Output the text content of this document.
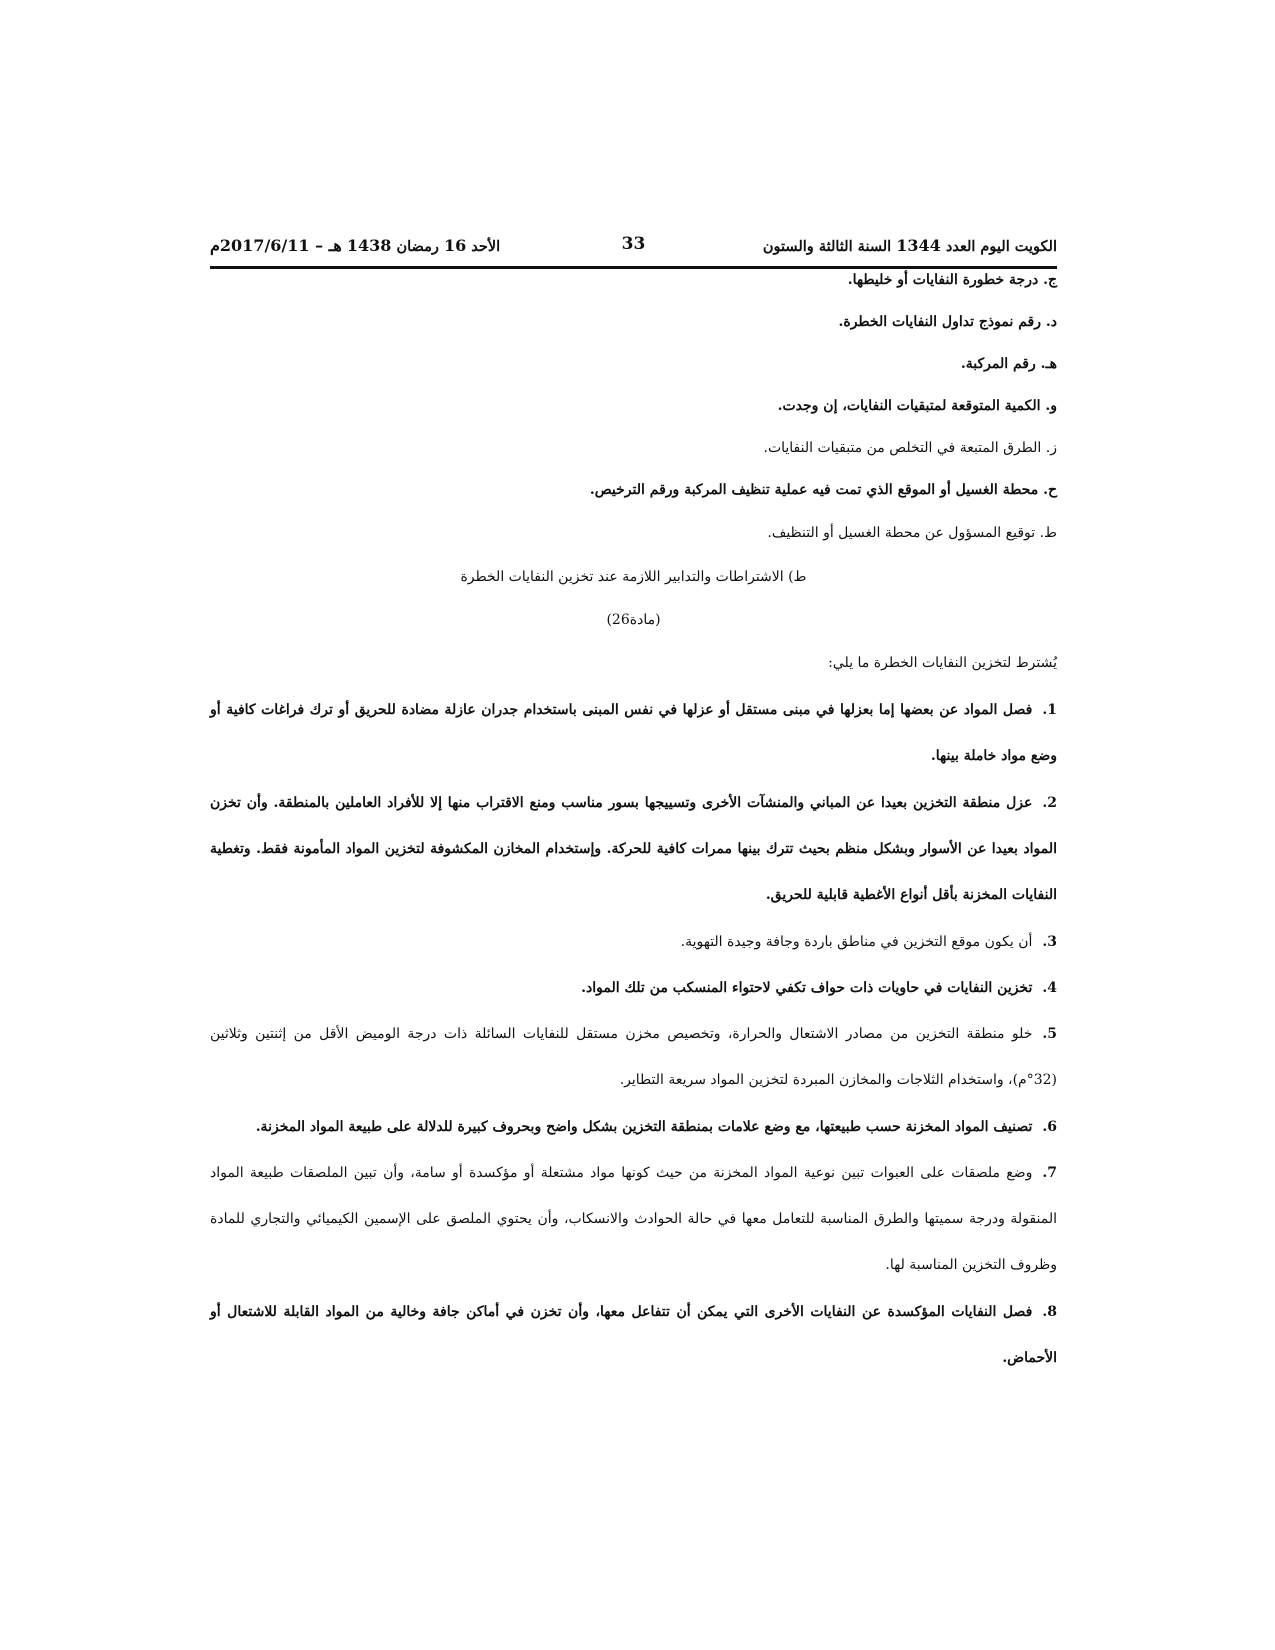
الكويت اليوم العدد 1344 السنة الثالثة والستون
33
الأحد 16 رمضان 1438 هـ – 2017/6/11م
ج. درجة خطورة النفايات أو خليطها.
د. رقم نموذج تداول النفايات الخطرة.
هـ. رقم المركبة.
و. الكمية المتوقعة لمتبقيات النفايات، إن وجدت.
ز. الطرق المتبعة في التخلص من متبقيات النفايات.
ح. محطة الغسيل أو الموقع الذي تمت فيه عملية تنظيف المركبة ورقم الترخيص.
ط. توقيع المسؤول عن محطة الغسيل أو التنظيف.
ط) الاشتراطات والتدابير اللازمة عند تخزين النفايات الخطرة
(مادة26)
يُشترط لتخزين النفايات الخطرة ما يلي:
1.فصل المواد عن بعضها إما بعزلها في مبنى مستقل أو عزلها في نفس المبنى باستخدام جدران عازلة مضادة للحريق أو ترك فراغات كافية أو وضع مواد خاملة بينها.
2.عزل منطقة التخزين بعيدا عن المباني والمنشآت الأخرى وتسييجها بسور مناسب ومنع الاقتراب منها إلا للأفراد العاملين بالمنطقة. وأن تخزن المواد بعيدا عن الأسوار وبشكل منظم بحيث تترك بينها ممرات كافية للحركة. وإستخدام المخازن المكشوفة لتخزين المواد المأمونة فقط. وتغطية النفايات المخزنة بأقل أنواع الأغطية قابلية للحريق.
3.أن يكون موقع التخزين في مناطق باردة وجافة وجيدة التهوية.
4.تخزين النفايات في حاويات ذات حواف تكفي لاحتواء المنسكب من تلك المواد.
5.خلو منطقة التخزين من مصادر الاشتعال والحرارة، وتخصيص مخزن مستقل للنفايات السائلة ذات درجة الوميض الأقل من إثنتين وثلاثين (32°م)، واستخدام الثلاجات والمخازن المبردة لتخزين المواد سريعة التطاير.
6.تصنيف المواد المخزنة حسب طبيعتها، مع وضع علامات بمنطقة التخزين بشكل واضح وبحروف كبيرة للدلالة على طبيعة المواد المخزنة.
7.وضع ملصقات على العبوات تبين نوعية المواد المخزنة من حيث كونها مواد مشتعلة أو مؤكسدة أو سامة، وأن تبين الملصقات طبيعة المواد المنقولة ودرجة سميتها والطرق المناسبة للتعامل معها في حالة الحوادث والانسكاب، وأن يحتوي الملصق على الإسمين الكيميائي والتجاري للمادة وظروف التخزين المناسبة لها.
8.فصل النفايات المؤكسدة عن النفايات الأخرى التي يمكن أن تتفاعل معها، وأن تخزن في أماكن جافة وخالية من المواد القابلة للاشتعال أو الأحماض.
